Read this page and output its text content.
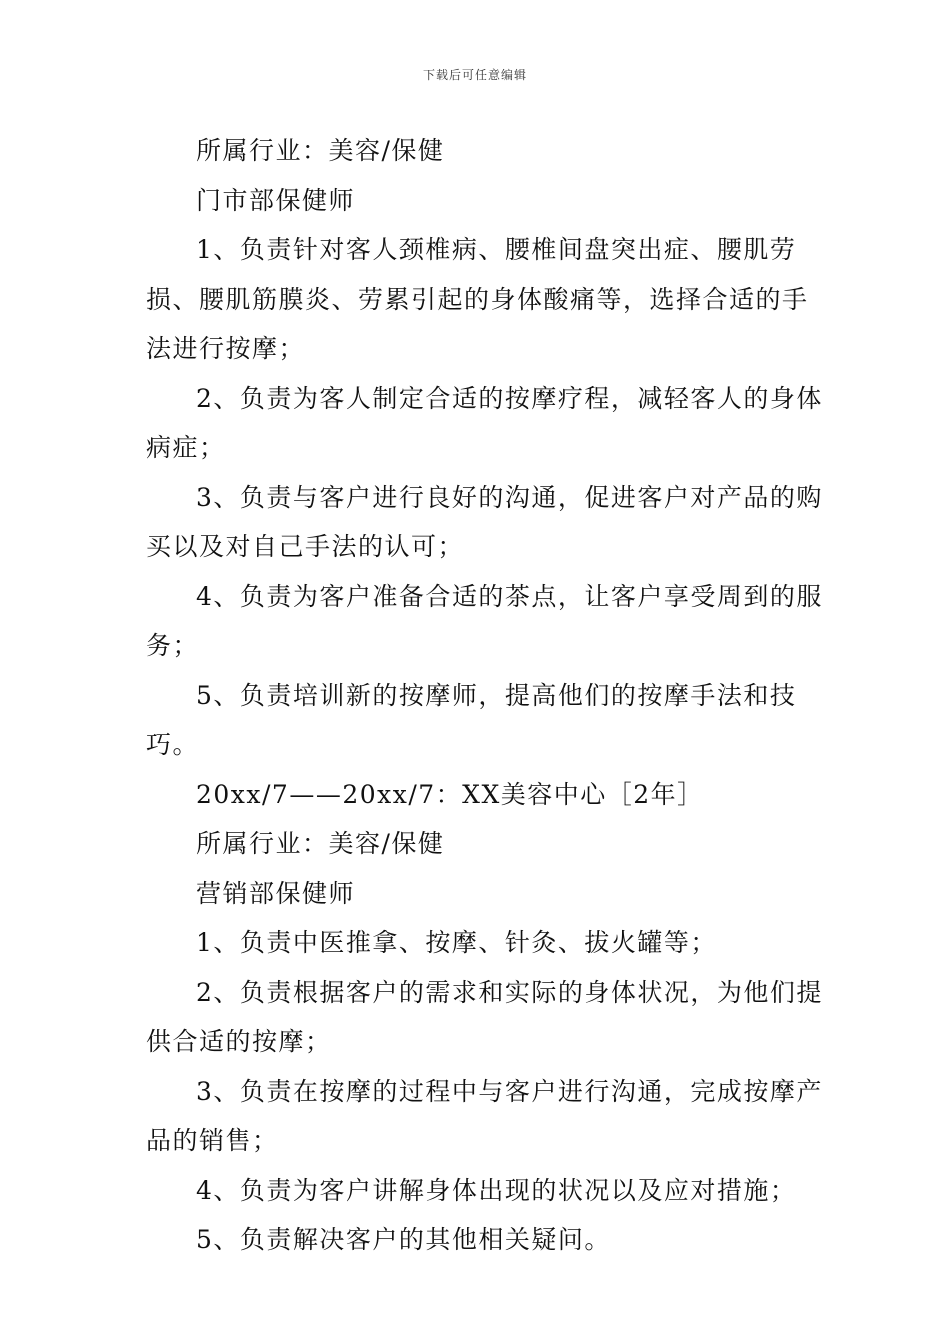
下载后可任意编辑

所属行业：美容/保健

门市部保健师

1、负责针对客人颈椎病、腰椎间盘突出症、腰肌劳损、腰肌筋膜炎、劳累引起的身体酸痛等，选择合适的手法进行按摩；

2、负责为客人制定合适的按摩疗程，减轻客人的身体病症；

3、负责与客户进行良好的沟通，促进客户对产品的购买以及对自己手法的认可；

4、负责为客户准备合适的茶点，让客户享受周到的服务；

5、负责培训新的按摩师，提高他们的按摩手法和技巧。

20xx/7——20xx/7：XX美容中心［2年］

所属行业：美容/保健

营销部保健师

1、负责中医推拿、按摩、针灸、拔火罐等；

2、负责根据客户的需求和实际的身体状况，为他们提供合适的按摩；

3、负责在按摩的过程中与客户进行沟通，完成按摩产品的销售；

4、负责为客户讲解身体出现的状况以及应对措施；

5、负责解决客户的其他相关疑问。
